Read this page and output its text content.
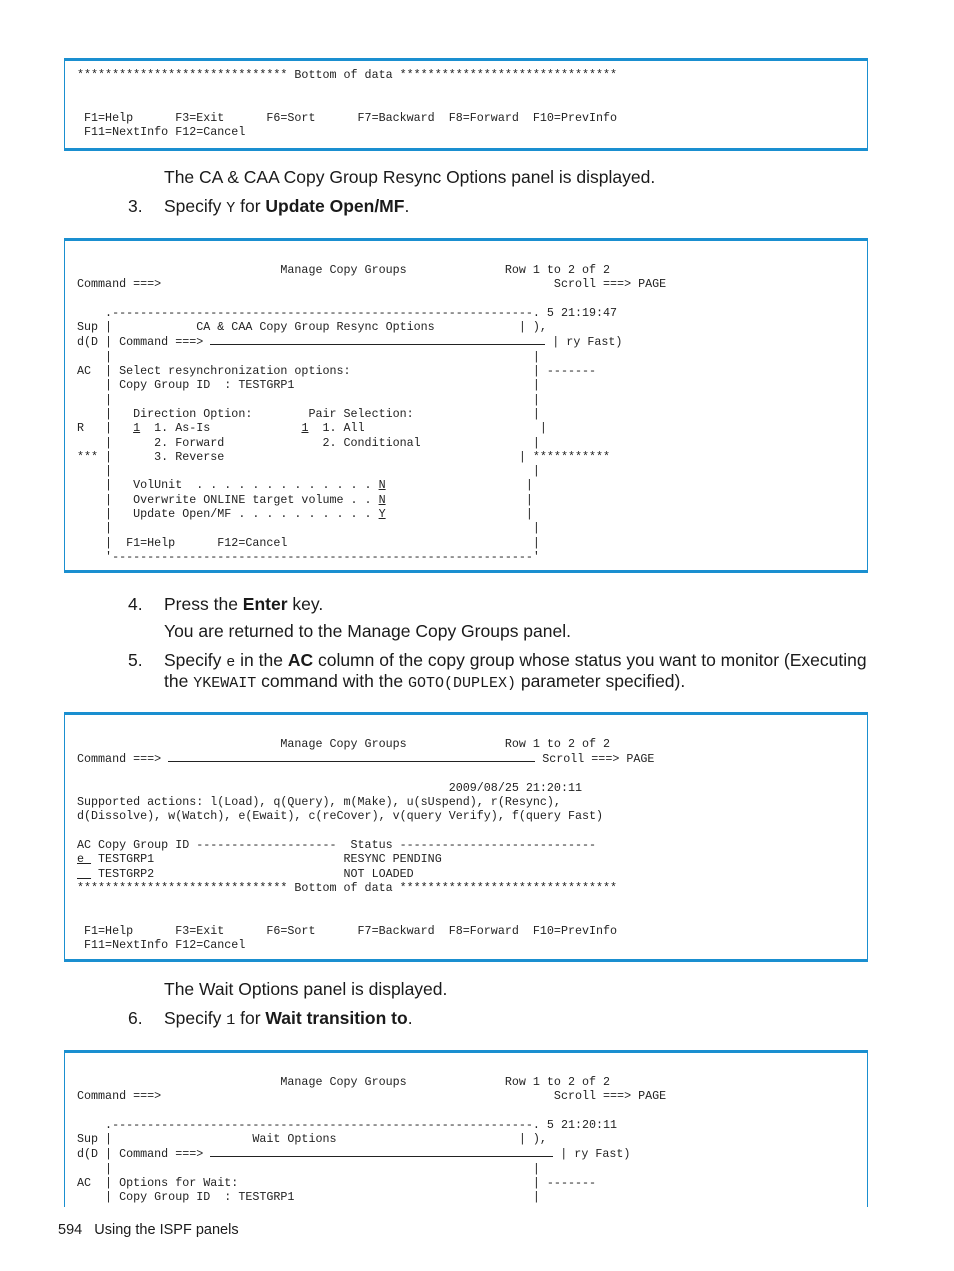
****************************** Bottom of data *******************************

F1=Help      F3=Exit      F6=Sort      F7=Backward  F8=Forward  F10=PrevInfo
F11=NextInfo F12=Cancel
The CA & CAA Copy Group Resync Options panel is displayed.
3. Specify Y for Update Open/MF.
Manage Copy Groups              Row 1 to 2 of 2
Command ===>                                                        Scroll ===> PAGE

.------------------------------------------------------------. 5 21:19:47
Sup |            CA & CAA Copy Group Resync Options            | ),
d(D | Command ===>	| ry Fast)
|                                                            |
AC  | Select resynchronization options:                          | -------
| Copy Group ID  : TESTGRP1                                  |
|                                                            |
|   Direction Option:        Pair Selection:                 |
R   |   1  1. As-Is             1  1. All                         |
|      2. Forward              2. Conditional                |
*** |      3. Reverse                                          | ***********
|                                                            |
|   VolUnit  . . . . . . . . . . . . . N                    |
|   Overwrite ONLINE target volume . . N                    |
|   Update Open/MF . . . . . . . . . . Y                    |
|                                                            |
|  F1=Help      F12=Cancel                                   |
'------------------------------------------------------------'
4. Press the Enter key.
You are returned to the Manage Copy Groups panel.
5. Specify e in the AC column of the copy group whose status you want to monitor (Executing
the YKEWAIT command with the GOTO(DUPLEX) parameter specified).
Manage Copy Groups              Row 1 to 2 of 2
Command ===>	Scroll ===> PAGE

2009/08/25 21:20:11
Supported actions: l(Load), q(Query), m(Make), u(sUspend), r(Resync),
d(Dissolve), w(Watch), e(Ewait), c(reCover), v(query Verify), f(query Fast)

AC Copy Group ID --------------------  Status ----------------------------
e  TESTGRP1                           RESYNC PENDING
TESTGRP2                           NOT LOADED
****************************** Bottom of data *******************************

F1=Help      F3=Exit      F6=Sort      F7=Backward  F8=Forward  F10=PrevInfo
F11=NextInfo F12=Cancel
The Wait Options panel is displayed.
6. Specify 1 for Wait transition to.
Manage Copy Groups              Row 1 to 2 of 2
Command ===>                                                        Scroll ===> PAGE

.------------------------------------------------------------. 5 21:20:11
Sup |                    Wait Options                          | ),
d(D | Command ===>	| ry Fast)
|                                                            |
AC  | Options for Wait:                                          | -------
| Copy Group ID  : TESTGRP1                                  |
594 Using the ISPF panels
